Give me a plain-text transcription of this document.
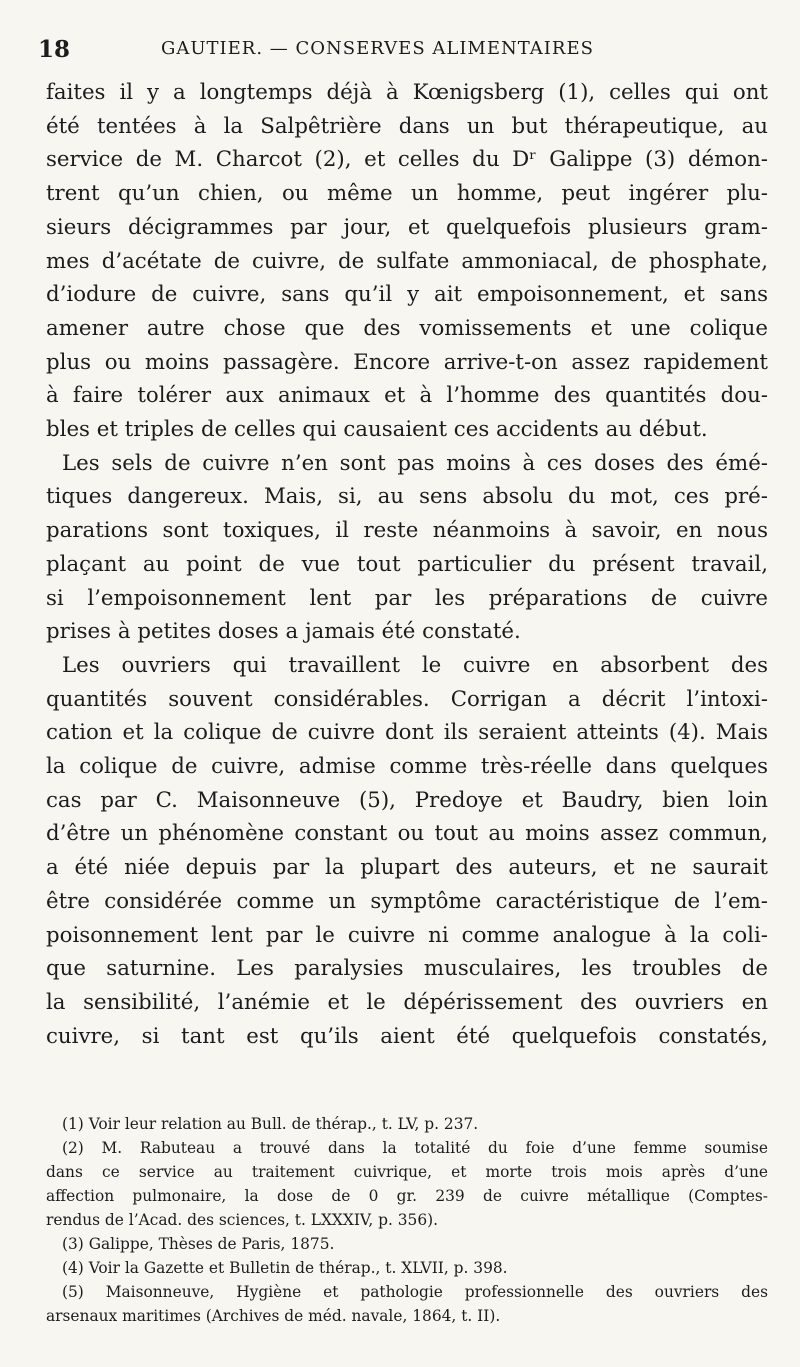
18	GAUTIER. — CONSERVES ALIMENTAIRES

faites il y a longtemps déjà à Kœnigsberg (1), celles qui ont

été tentées à la Salpêtrière dans un but thérapeutique, au

service de M. Charcot (2), et celles du Dʳ Galippe (3) démon-

trent qu’un chien, ou même un homme, peut ingérer plu-

sieurs décigrammes par jour, et quelquefois plusieurs gram-

mes d’acétate de cuivre, de sulfate ammoniacal, de phosphate,

d’iodure de cuivre, sans qu’il y ait empoisonnement, et sans

amener autre chose que des vomissements et une colique

plus ou moins passagère. Encore arrive-t-on assez rapidement

à faire tolérer aux animaux et à l’homme des quantités dou-

bles et triples de celles qui causaient ces accidents au début.

Les sels de cuivre n’en sont pas moins à ces doses des émé-

tiques dangereux. Mais, si, au sens absolu du mot, ces pré-

parations sont toxiques, il reste néanmoins à savoir, en nous

plaçant au point de vue tout particulier du présent travail,

si l’empoisonnement lent par les préparations de cuivre

prises à petites doses a jamais été constaté.

Les ouvriers qui travaillent le cuivre en absorbent des

quantités souvent considérables. Corrigan a décrit l’intoxi-

cation et la colique de cuivre dont ils seraient atteints (4). Mais

la colique de cuivre, admise comme très-réelle dans quelques

cas par C. Maisonneuve (5), Predoye et Baudry, bien loin

d’être un phénomène constant ou tout au moins assez commun,

a été niée depuis par la plupart des auteurs, et ne saurait

être considérée comme un symptôme caractéristique de l’em-

poisonnement lent par le cuivre ni comme analogue à la coli-

que saturnine. Les paralysies musculaires, les troubles de

la sensibilité, l’anémie et le dépérissement des ouvriers en

cuivre, si tant est qu’ils aient été quelquefois constatés,

(1) Voir leur relation au Bull. de thérap., t. LV, p. 237.

(2) M. Rabuteau a trouvé dans la totalité du foie d’une femme soumise

dans ce service au traitement cuivrique, et morte trois mois après d’une

affection pulmonaire, la dose de 0 gr. 239 de cuivre métallique (Comptes-

rendus de l’Acad. des sciences, t. LXXXIV, p. 356).

(3) Galippe, Thèses de Paris, 1875.

(4) Voir la Gazette et Bulletin de thérap., t. XLVII, p. 398.

(5) Maisonneuve, Hygiène et pathologie professionnelle des ouvriers des

arsenaux maritimes (Archives de méd. navale, 1864, t. II).
